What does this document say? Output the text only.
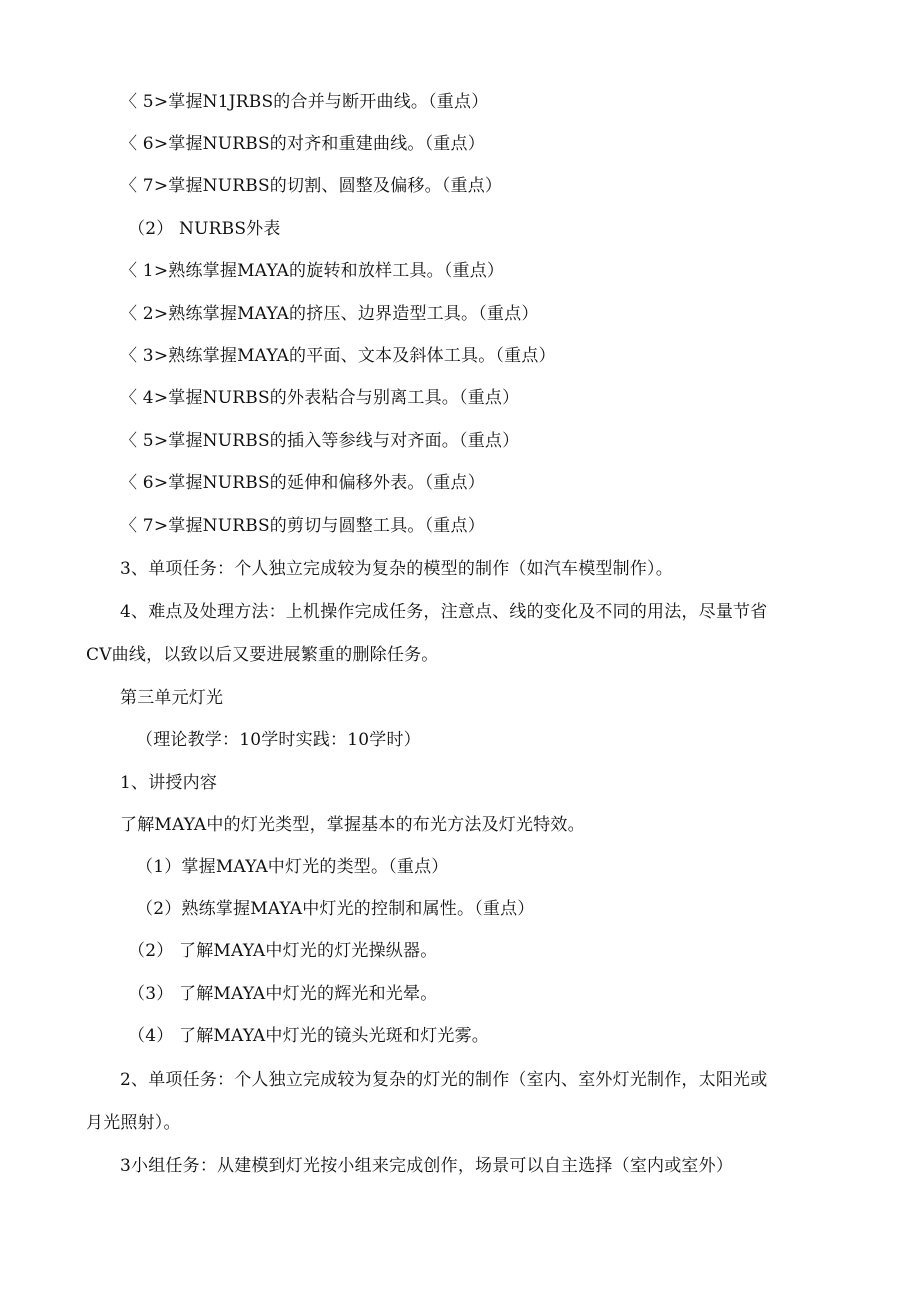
〈 5>掌握N1JRBS的合并与断开曲线。（重点）
〈 6>掌握NURBS的对齐和重建曲线。（重点）
〈 7>掌握NURBS的切割、圆整及偏移。（重点）
（2） NURBS外表
〈 1>熟练掌握MAYA的旋转和放样工具。（重点）
〈 2>熟练掌握MAYA的挤压、边界造型工具。（重点）
〈 3>熟练掌握MAYA的平面、文本及斜体工具。（重点）
〈 4>掌握NURBS的外表粘合与别离工具。（重点）
〈 5>掌握NURBS的插入等参线与对齐面。（重点）
〈 6>掌握NURBS的延伸和偏移外表。（重点）
〈 7>掌握NURBS的剪切与圆整工具。（重点）
3、单项任务：个人独立完成较为复杂的模型的制作（如汽车模型制作）。
4、难点及处理方法：上机操作完成任务，注意点、线的变化及不同的用法，尽量节省
CV曲线，以致以后又要进展繁重的删除任务。
第三单元灯光
（理论教学：10学时实践：10学时）
1、讲授内容
了解MAYA中的灯光类型，掌握基本的布光方法及灯光特效。
（1）掌握MAYA中灯光的类型。（重点）
（2）熟练掌握MAYA中灯光的控制和属性。（重点）
（2） 了解MAYA中灯光的灯光操纵器。
（3） 了解MAYA中灯光的辉光和光晕。
（4） 了解MAYA中灯光的镜头光斑和灯光雾。
2、单项任务：个人独立完成较为复杂的灯光的制作（室内、室外灯光制作，太阳光或
月光照射）。
3小组任务：从建模到灯光按小组来完成创作，场景可以自主选择（室内或室外）
